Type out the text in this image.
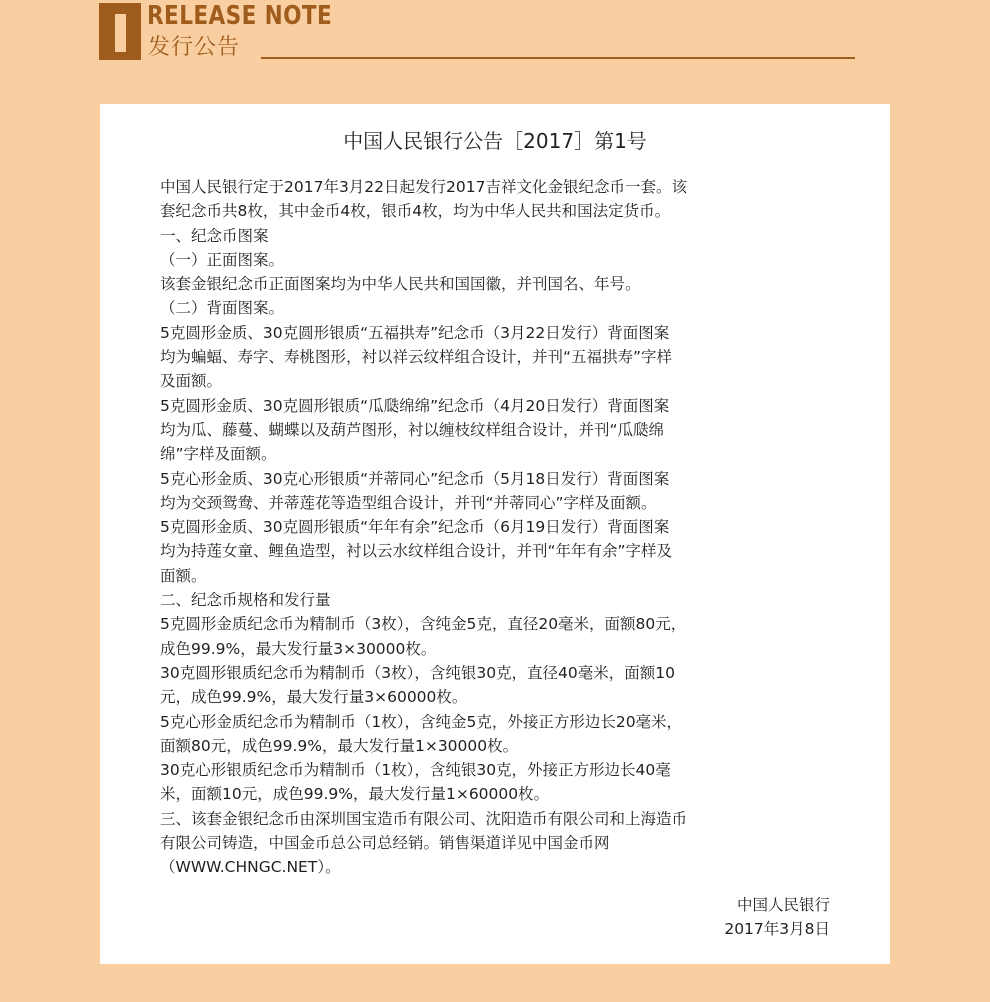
RELEASE NOTE
发行公告
中国人民银行公告［2017］第1号
中国人民银行定于2017年3月22日起发行2017吉祥文化金银纪念币一套。该
套纪念币共8枚，其中金币4枚，银币4枚，均为中华人民共和国法定货币。
一、纪念币图案
（一）正面图案。
该套金银纪念币正面图案均为中华人民共和国国徽，并刊国名、年号。
（二）背面图案。
5克圆形金质、30克圆形银质“五福拱寿”纪念币（3月22日发行）背面图案
均为蝙蝠、寿字、寿桃图形，衬以祥云纹样组合设计，并刊“五福拱寿”字样
及面额。
5克圆形金质、30克圆形银质“瓜瓞绵绵”纪念币（4月20日发行）背面图案
均为瓜、藤蔓、蝴蝶以及葫芦图形，衬以缠枝纹样组合设计，并刊“瓜瓞绵
绵”字样及面额。
5克心形金质、30克心形银质“并蒂同心”纪念币（5月18日发行）背面图案
均为交颈鸳鸯、并蒂莲花等造型组合设计，并刊“并蒂同心”字样及面额。
5克圆形金质、30克圆形银质“年年有余”纪念币（6月19日发行）背面图案
均为持莲女童、鲤鱼造型，衬以云水纹样组合设计，并刊“年年有余”字样及
面额。
二、纪念币规格和发行量
5克圆形金质纪念币为精制币（3枚），含纯金5克，直径20毫米，面额80元，
成色99.9%，最大发行量3×30000枚。
30克圆形银质纪念币为精制币（3枚），含纯银30克，直径40毫米，面额10
元，成色99.9%，最大发行量3×60000枚。
5克心形金质纪念币为精制币（1枚），含纯金5克，外接正方形边长20毫米，
面额80元，成色99.9%，最大发行量1×30000枚。
30克心形银质纪念币为精制币（1枚），含纯银30克，外接正方形边长40毫
米，面额10元，成色99.9%，最大发行量1×60000枚。
三、该套金银纪念币由深圳国宝造币有限公司、沈阳造币有限公司和上海造币
有限公司铸造，中国金币总公司总经销。销售渠道详见中国金币网
（WWW.CHNGC.NET）。
中国人民银行
2017年3月8日
